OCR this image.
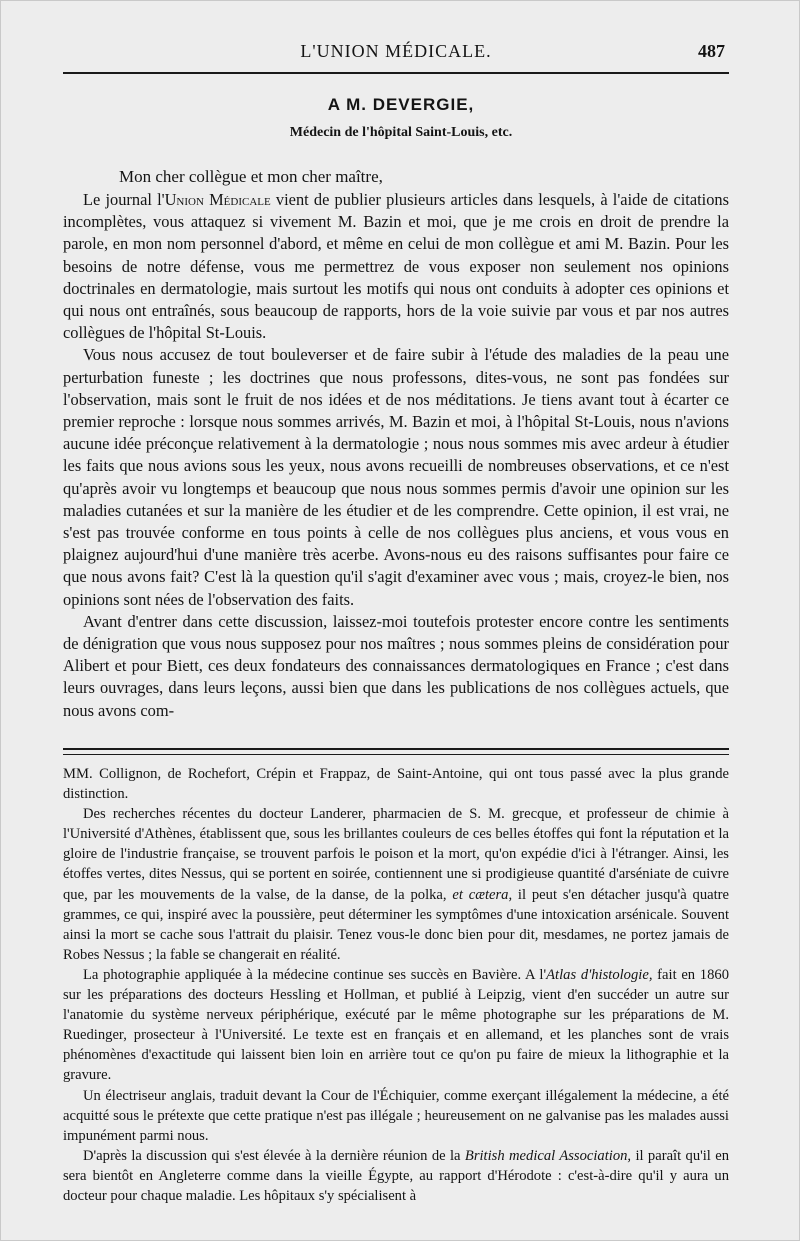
L'UNION MÉDICALE.	487
A M. DEVERGIE,
Médecin de l'hôpital Saint-Louis, etc.
Mon cher collègue et mon cher maître,

Le journal l'Union Médicale vient de publier plusieurs articles dans lesquels, à l'aide de citations incomplètes, vous attaquez si vivement M. Bazin et moi, que je me crois en droit de prendre la parole, en mon nom personnel d'abord, et même en celui de mon collègue et ami M. Bazin. Pour les besoins de notre défense, vous me permettrez de vous exposer non seulement nos opinions doctrinales en dermatologie, mais surtout les motifs qui nous ont conduits à adopter ces opinions et qui nous ont entraînés, sous beaucoup de rapports, hors de la voie suivie par vous et par nos autres collègues de l'hôpital St-Louis.

Vous nous accusez de tout bouleverser et de faire subir à l'étude des maladies de la peau une perturbation funeste ; les doctrines que nous professons, dites-vous, ne sont pas fondées sur l'observation, mais sont le fruit de nos idées et de nos méditations. Je tiens avant tout à écarter ce premier reproche : lorsque nous sommes arrivés, M. Bazin et moi, à l'hôpital St-Louis, nous n'avions aucune idée préconçue relativement à la dermatologie ; nous nous sommes mis avec ardeur à étudier les faits que nous avions sous les yeux, nous avons recueilli de nombreuses observations, et ce n'est qu'après avoir vu longtemps et beaucoup que nous nous sommes permis d'avoir une opinion sur les maladies cutanées et sur la manière de les étudier et de les comprendre. Cette opinion, il est vrai, ne s'est pas trouvée conforme en tous points à celle de nos collègues plus anciens, et vous vous en plaignez aujourd'hui d'une manière très acerbe. Avons-nous eu des raisons suffisantes pour faire ce que nous avons fait? C'est là la question qu'il s'agit d'examiner avec vous ; mais, croyez-le bien, nos opinions sont nées de l'observation des faits.

Avant d'entrer dans cette discussion, laissez-moi toutefois protester encore contre les sentiments de dénigration que vous nous supposez pour nos maîtres ; nous sommes pleins de considération pour Alibert et pour Biett, ces deux fondateurs des connaissances dermatologiques en France ; c'est dans leurs ouvrages, dans leurs leçons, aussi bien que dans les publications de nos collègues actuels, que nous avons com-

MM. Collignon, de Rochefort, Crépin et Frappaz, de Saint-Antoine, qui ont tous passé avec la plus grande distinction.

Des recherches récentes du docteur Landerer, pharmacien de S. M. grecque, et professeur de chimie à l'Université d'Athènes, établissent que, sous les brillantes couleurs de ces belles étoffes qui font la réputation et la gloire de l'industrie française, se trouvent parfois le poison et la mort, qu'on expédie d'ici à l'étranger. Ainsi, les étoffes vertes, dites Nessus, qui se portent en soirée, contiennent une si prodigieuse quantité d'arséniate de cuivre que, par les mouvements de la valse, de la danse, de la polka, et cætera, il peut s'en détacher jusqu'à quatre grammes, ce qui, inspiré avec la poussière, peut déterminer les symptômes d'une intoxication arsénicale. Souvent ainsi la mort se cache sous l'attrait du plaisir. Tenez vous-le donc bien pour dit, mesdames, ne portez jamais de Robes Nessus ; la fable se changerait en réalité.

La photographie appliquée à la médecine continue ses succès en Bavière. A l'Atlas d'histologie, fait en 1860 sur les préparations des docteurs Hessling et Hollman, et publié à Leipzig, vient d'en succéder un autre sur l'anatomie du système nerveux périphérique, exécuté par le même photographe sur les préparations de M. Ruedinger, prosecteur à l'Université. Le texte est en français et en allemand, et les planches sont de vrais phénomènes d'exactitude qui laissent bien loin en arrière tout ce qu'on pu faire de mieux la lithographie et la gravure.

Un électriseur anglais, traduit devant la Cour de l'Échiquier, comme exerçant illégalement la médecine, a été acquitté sous le prétexte que cette pratique n'est pas illégale ; heureusement on ne galvanise pas les malades aussi impunément parmi nous.

D'après la discussion qui s'est élevée à la dernière réunion de la British medical Association, il paraît qu'il en sera bientôt en Angleterre comme dans la vieille Égypte, au rapport d'Hérodote : c'est-à-dire qu'il y aura un docteur pour chaque maladie. Les hôpitaux s'y spécialisent à
